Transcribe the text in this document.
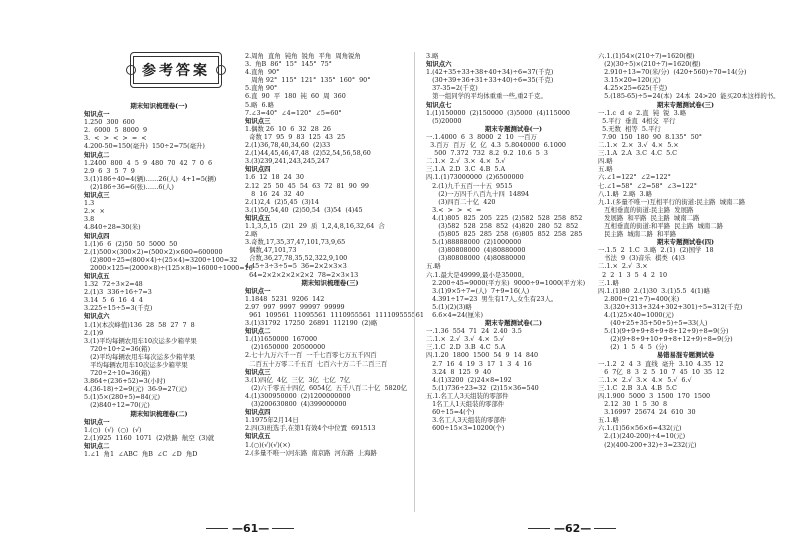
参考答案
期末知识梳理卷(一)
知识点一
1.250  300  600
2.  6000  5  8000  9
3.  <  >  <  >  =  <
4.200-50=150(毫升)  150÷2=75(毫升)
知识点二
1.2400  800  4  5  9  480  70  42  7  0  6
2.9  6  3  5  7  9
3.(1)186÷40=4(辆)……26(人)  4+1=5(辆)
(2)186÷36=6(张)……6(人)
知识点三
1.3
2.×  ×
3.8
4.840÷28=30(米)
知识点四
1.(1)6  6  (2)50  50  5000  50
2.(1)500×(300×2)=(500×2)×600=600000
(2)800÷25=(800×4)÷(25×4)=3200÷100=32
2000×125=(2000×8)÷(125×8)=16000÷1000=16
知识点五
1.32  72÷3×2=48
2.(1)3  336÷16÷7=3
3.14  5  6  16  4  4
3.225÷15÷5=3(千克)
知识点六
1.(1)(本次峰值)136  28  58  27  7  8
2.(1)9
3.(1)平均每辆农用车10次运多少箱苹果
720÷10÷2=36(箱)
(2)平均每辆农用车每次运多少箱苹果
平均每辆农用车10次运多少箱苹果
720÷2÷10=36(箱)
3.864÷(236+52)=3(小时)
4.(36-18)÷2=9(元)  36-9=27(元)
5.(1)5×(280+5)=84(元)
(2)840÷12=70(元)
期末知识梳理卷(二)
知识点一
1.(○)  (√)  (○)  (√)
2.(1)925  1160  1071  (2)铁路  航空  (3)就
知识点二
1.∠1  角1  ∠ABC  角B  ∠C  ∠D  角D
2.周角  直角  钝角  锐角  平角  周角锐角
3.  角B  86°  15°  145°  75°
4.直角  90°
周角 92°  115°  121°  135°  160°  90°
5.直角 90°
6.直  90  平  180  钝  60  周  360
5.略  6.略
7.∠3=40°  ∠4=120°  ∠5=60°
知识点三
1.偶数 26  10  6  32  28  26
奇数 17  95  9  83  125  43  25
2.(1)36,78,40,34,60  (2)33
2.(1)44,45,46,47,48  (2)52,54,56,58,60
3.(3)239,241,243,245,247
知识点四
1.6  12  18  24  30
2.12  25  50  45  54  63  72  81  90  99
8  16  24  32  40
2.(1)2,4  (2)5,45  (3)14
3.(1)50,54,40  (2)50,54  (3)54  (4)45
知识点五
1.1,3,5,15  (2)1  29  质  1,2,4,8,16,32,64  合
2.略
3.奇数,17,35,37,47,101,73,9,65
偶数,47,101,73
合数,36,27,78,35,52,322,9,100
4.45÷3÷3÷5=5  36=2×2×3×3
64=2×2×2×2×2×2  78=2×3×13
期末知识梳理卷(三)
知识点一
1.1848  5231  9206  142
2.97  997  9997  99997  99999
961  109561  11095561  1110955561  111109555561
3.(1)31792  17250  26891  112190  (2)略
知识点二
1.(1)1650000  167000
(2)1650000  20500000
2.七十九万六千一百  一千七百零七万五千四百
二百五十万零二千五百  七百六十万二千二百三百
知识点三
3.(1)四亿  4亿  三亿  3亿  七亿  7亿
(2)六千零五十四亿  6054亿  五千八百二十亿  5820亿
4.(1)300950000  (2)1200000000
(3)200630800  (4)399000000
知识点四
1.1975年2月14日
2.四(3)班选手,在第1有效4个中位置  691513
知识点五
1.(○)(√)(√)(×)
2.(多量不唯一)河东路  南京路  河东路  上海路
3.略
知识点六
1.(42+35+33+38+40+34)÷6=37(千克)
(30+39+36+31+33+40)÷6=35(千克)
37-35=2(千克)
第一组同学的平均体重重一些,重2千克。
知识点七
1.(1)150000  (2)150000  (3)5000  (4)115000
(5)20000
期末专题测试卷(一)
一.1.4000  6  3  8000  2  10  一百万
3.百万  百万  亿  亿  4.3  5.8040000  6.1000
500  7.372  732  8.2  9.2  10.6  5  3
二.1.×  2.√  3.×  4.×  5.√
三.1.A  2.D  3.C  4.B  5.A
四.1.(1)73000000  (2)6500000
2.(1)九千五百一十五  9515
(2)一万四千八百九十四  14894
(3)四百二十亿  420
3.<  >  >  <  =
4.(1)805  825  205  225  (2)582  528  258  852
(3)582  528  258  852  (4)820  280  52  852
(5)805  825  285  258  (6)805  852  258  285
5.(1)88888000  (2)1000000
(3)80808000  (4)80880000
(3)80808000  (4)80880000
五.略
六.1.最大是49999,最小是35000。
2.200÷45=9000(平方米)  9000÷9=1000(平方米)
3.(1)9×5÷7=(人)  7+9=16(人)
4.391÷17=23  男生有17人,女生有23人。
5.(1)(2)(3)略
6.6×4=24(厘米)
期末专题测试卷(二)
一.1.36  554  71  24  2.40  3.5
二.1.×  2.√  3.√  4.×  5.√
三.1.C  2.D  3.B  4.C  5.A
四.1.20  1800  1500  54  9  14  840
2.7  16  4  19  3  17  1  3  4  16
3.24  8  125  9  40
4.(1)3200  (2)24×8=192
5.(1)736÷23=32  (2)15×36=540
五.1.名工人3天组装的零部件
1名工人1天组装的零部件
60÷15=4(个)
3.名工人3天组装的零部件
600÷15×3=10200(个)
六.1.(1)54×(210÷7)=1620(棵)
(2)(30÷5)×(210÷7)=1620(棵)
2.910÷13=70(米/分)  (420+560)÷70=14(分)
3.15×20=120(元)
4.25×25=625(千克)
5.(185-65)÷5=24(本)  24本  24>20  能买20本这样的书。
期末专题测试卷(三)
一.1.c  d  e  2.直  钝  锐  3.略
5.平行  垂直  4相交  平行
5.无数  相等  5.平行
7.90  150  180  90  8.135°  50°
二.1.×  2.×  3.√  4.×  5.×
三.1.A  2.A  3.C  4.C  5.C
四.略
五.略
六.∠1=122°  ∠2=122°
七.∠1=58°  ∠2=58°  ∠3=122°
八.1.略  2.略  3.略
九.1.(多量不唯一)互相平行的街道:民主路  城南二路
互相垂直的街道:民主路  发展路
发展路  和平路  民主路  城南二路
互相垂直的街道:和平路  民主路  城南二路
民主路  城南二路  和平路
期末专题测试卷(四)
一.1.5  2  1.C  3.略  2.(1)  (2)国学  18
书法  9  (3)音乐  棋类  (4)3
二.1.×  2.√  3.×
2  2  1  3  5  4  2  10
三.1.略
四.1.(1)80  2.(1)30  3.(1)5.5  4(1)略
2.800÷(21÷7)=400(米)
3.(320+313+324+302+301)÷5=312(千克)
4.(1)25×40=1000(元)
(40+25+35+50+5)÷5=33(人)
5.(1)(9+9+9+8+9+8+12+9)÷8=9(分)
(2)(9+8+9+10+9+8+12+9)÷8=9(分)
(2)  1  5  4  5  (分)
易错易混专题测试卷
一.1.2  2  4  3  直线  毫升  3.10  4.35  12
6  7亿  8  3  2  5  10  7  45  10  35  12
二.1.×  2.√  3.×  4.×  5.√  6.√
三.1.C  2.B  3.A  4.B  5.C
四.1.900  5000  3  1500  170  1500
2.12  30  1  5  30  8
3.16997  25674  24  610  30
五.1.略
六.1.(1)56×56×6=432(元)
2.(1)(240-200)÷4=10(元)
(2)(400-200+32)÷3=232(元)
—61—	—62—
